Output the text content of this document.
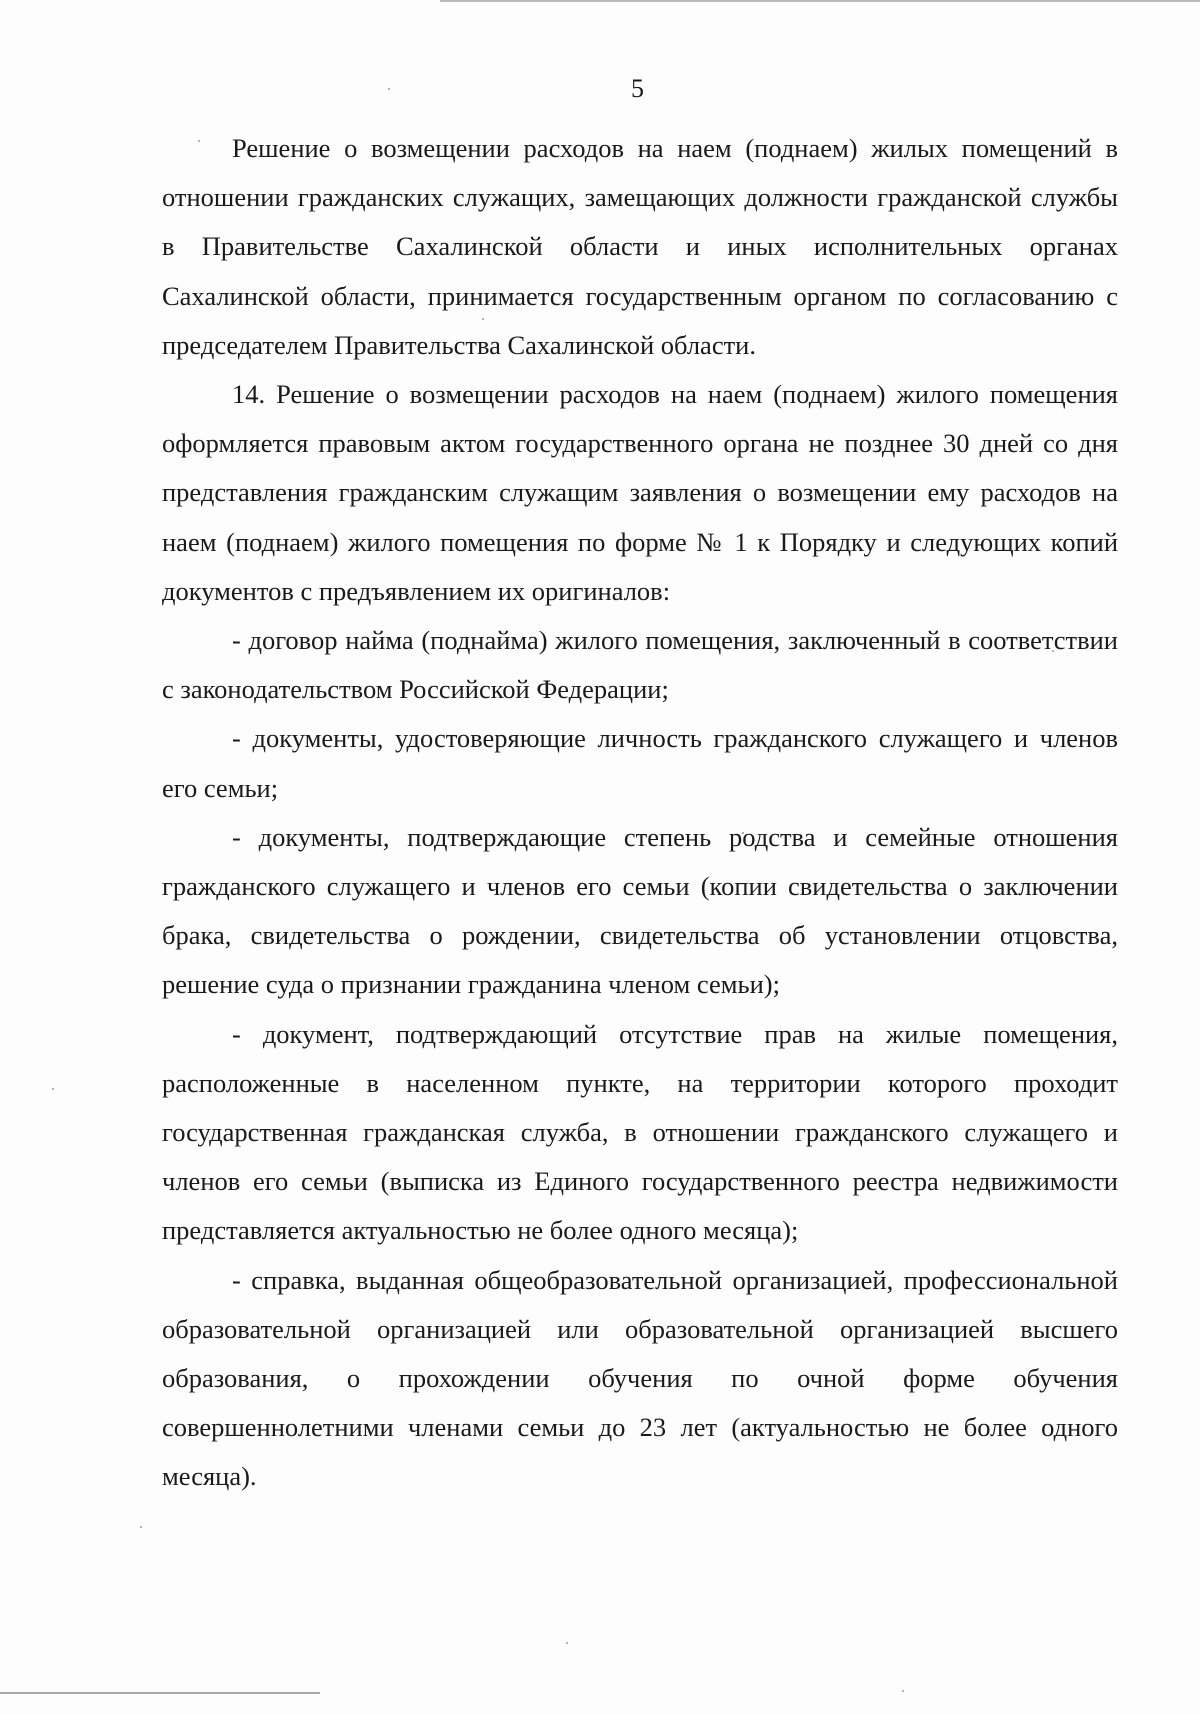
5

Решение о возмещении расходов на наем (поднаем) жилых помещений в отношении гражданских служащих, замещающих должности гражданской службы в Правительстве Сахалинской области и иных исполнительных органах Сахалинской области, принимается государственным органом по согласованию с председателем Правительства Сахалинской области.

14. Решение о возмещении расходов на наем (поднаем) жилого помещения оформляется правовым актом государственного органа не позднее 30 дней со дня представления гражданским служащим заявления о возмещении ему расходов на наем (поднаем) жилого помещения по форме № 1 к Порядку и следующих копий документов с предъявлением их оригиналов:

- договор найма (поднайма) жилого помещения, заключенный в соответствии с законодательством Российской Федерации;

- документы, удостоверяющие личность гражданского служащего и членов его семьи;

- документы, подтверждающие степень родства и семейные отношения гражданского служащего и членов его семьи (копии свидетельства о заключении брака, свидетельства о рождении, свидетельства об установлении отцовства, решение суда о признании гражданина членом семьи);

- документ, подтверждающий отсутствие прав на жилые помещения, расположенные в населенном пункте, на территории которого проходит государственная гражданская служба, в отношении гражданского служащего и членов его семьи (выписка из Единого государственного реестра недвижимости представляется актуальностью не более одного месяца);

- справка, выданная общеобразовательной организацией, профессиональной образовательной организацией или образовательной организацией высшего образования, о прохождении обучения по очной форме обучения совершеннолетними членами семьи до 23 лет (актуальностью не более одного месяца).
